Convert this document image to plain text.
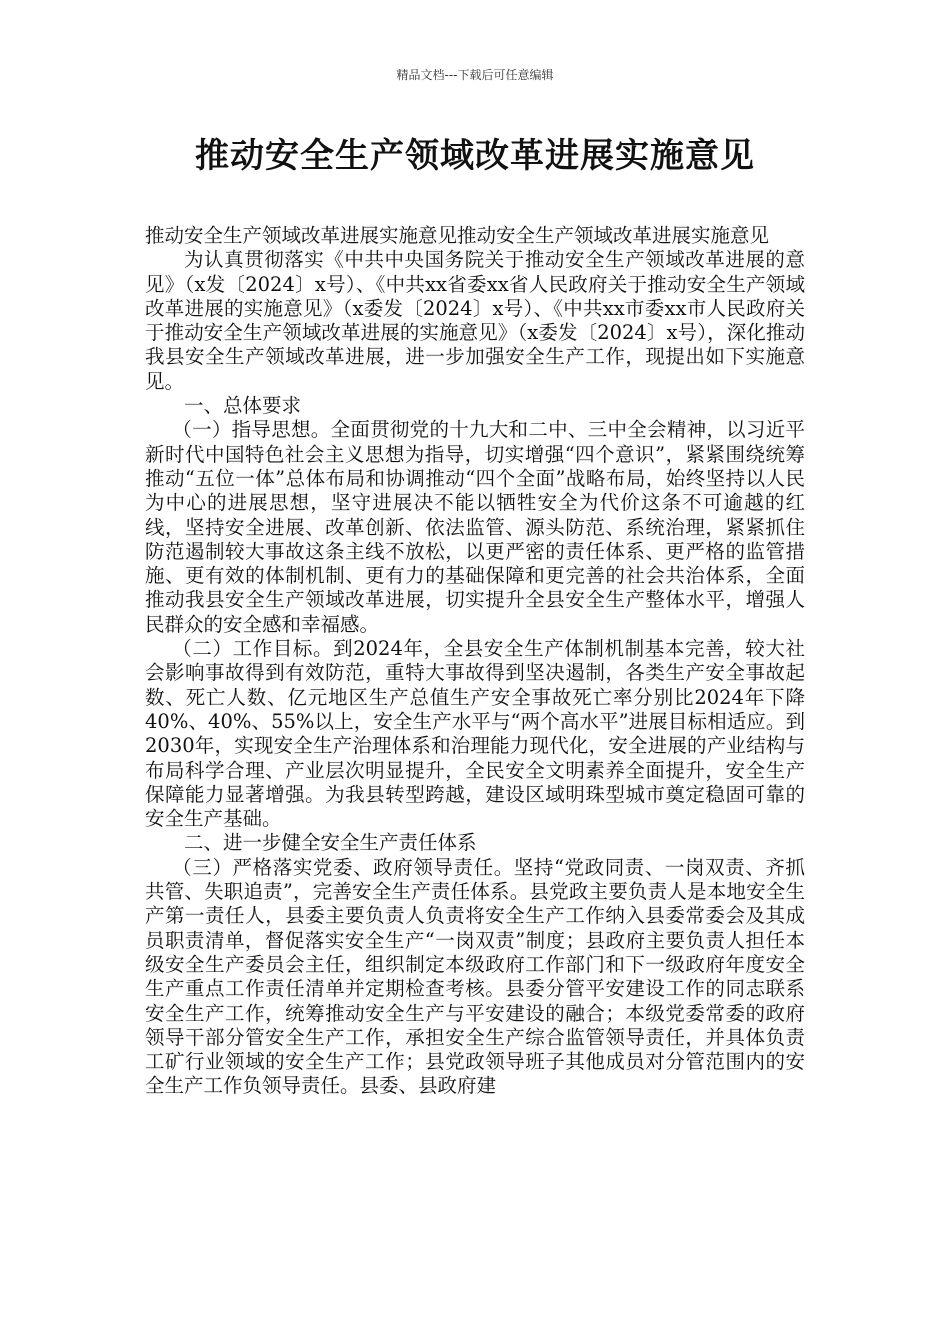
精品文档---下载后可任意编辑
推动安全生产领域改革进展实施意见

推动安全生产领域改革进展实施意见推动安全生产领域改革进展实施意见

为认真贯彻落实《中共中央国务院关于推动安全生产领域改革进展的意见》（x发〔2024〕x号）、《中共xx省委xx省人民政府关于推动安全生产领域改革进展的实施意见》（x委发〔2024〕x号）、《中共xx市委xx市人民政府关于推动安全生产领域改革进展的实施意见》（x委发〔2024〕x号），深化推动我县安全生产领域改革进展，进一步加强安全生产工作，现提出如下实施意见。

一、总体要求

（一）指导思想。全面贯彻党的十九大和二中、三中全会精神，以习近平新时代中国特色社会主义思想为指导，切实增强“四个意识”，紧紧围绕统筹推动“五位一体”总体布局和协调推动“四个全面”战略布局，始终坚持以人民为中心的进展思想，坚守进展决不能以牺牲安全为代价这条不可逾越的红线，坚持安全进展、改革创新、依法监管、源头防范、系统治理，紧紧抓住防范遏制较大事故这条主线不放松，以更严密的责任体系、更严格的监管措施、更有效的体制机制、更有力的基础保障和更完善的社会共治体系，全面推动我县安全生产领域改革进展，切实提升全县安全生产整体水平，增强人民群众的安全感和幸福感。

（二）工作目标。到2024年，全县安全生产体制机制基本完善，较大社会影响事故得到有效防范，重特大事故得到坚决遏制，各类生产安全事故起数、死亡人数、亿元地区生产总值生产安全事故死亡率分别比2024年下降40%、40%、55%以上，安全生产水平与“两个高水平”进展目标相适应。到2030年，实现安全生产治理体系和治理能力现代化，安全进展的产业结构与布局科学合理、产业层次明显提升，全民安全文明素养全面提升，安全生产保障能力显著增强。为我县转型跨越，建设区域明珠型城市奠定稳固可靠的安全生产基础。

二、进一步健全安全生产责任体系

（三）严格落实党委、政府领导责任。坚持“党政同责、一岗双责、齐抓共管、失职追责”，完善安全生产责任体系。县党政主要负责人是本地安全生产第一责任人，县委主要负责人负责将安全生产工作纳入县委常委会及其成员职责清单，督促落实安全生产“一岗双责”制度；县政府主要负责人担任本级安全生产委员会主任，组织制定本级政府工作部门和下一级政府年度安全生产重点工作责任清单并定期检查考核。县委分管平安建设工作的同志联系安全生产工作，统筹推动安全生产与平安建设的融合；本级党委常委的政府领导干部分管安全生产工作，承担安全生产综合监管领导责任，并具体负责工矿行业领域的安全生产工作；县党政领导班子其他成员对分管范围内的安全生产工作负领导责任。县委、县政府建
